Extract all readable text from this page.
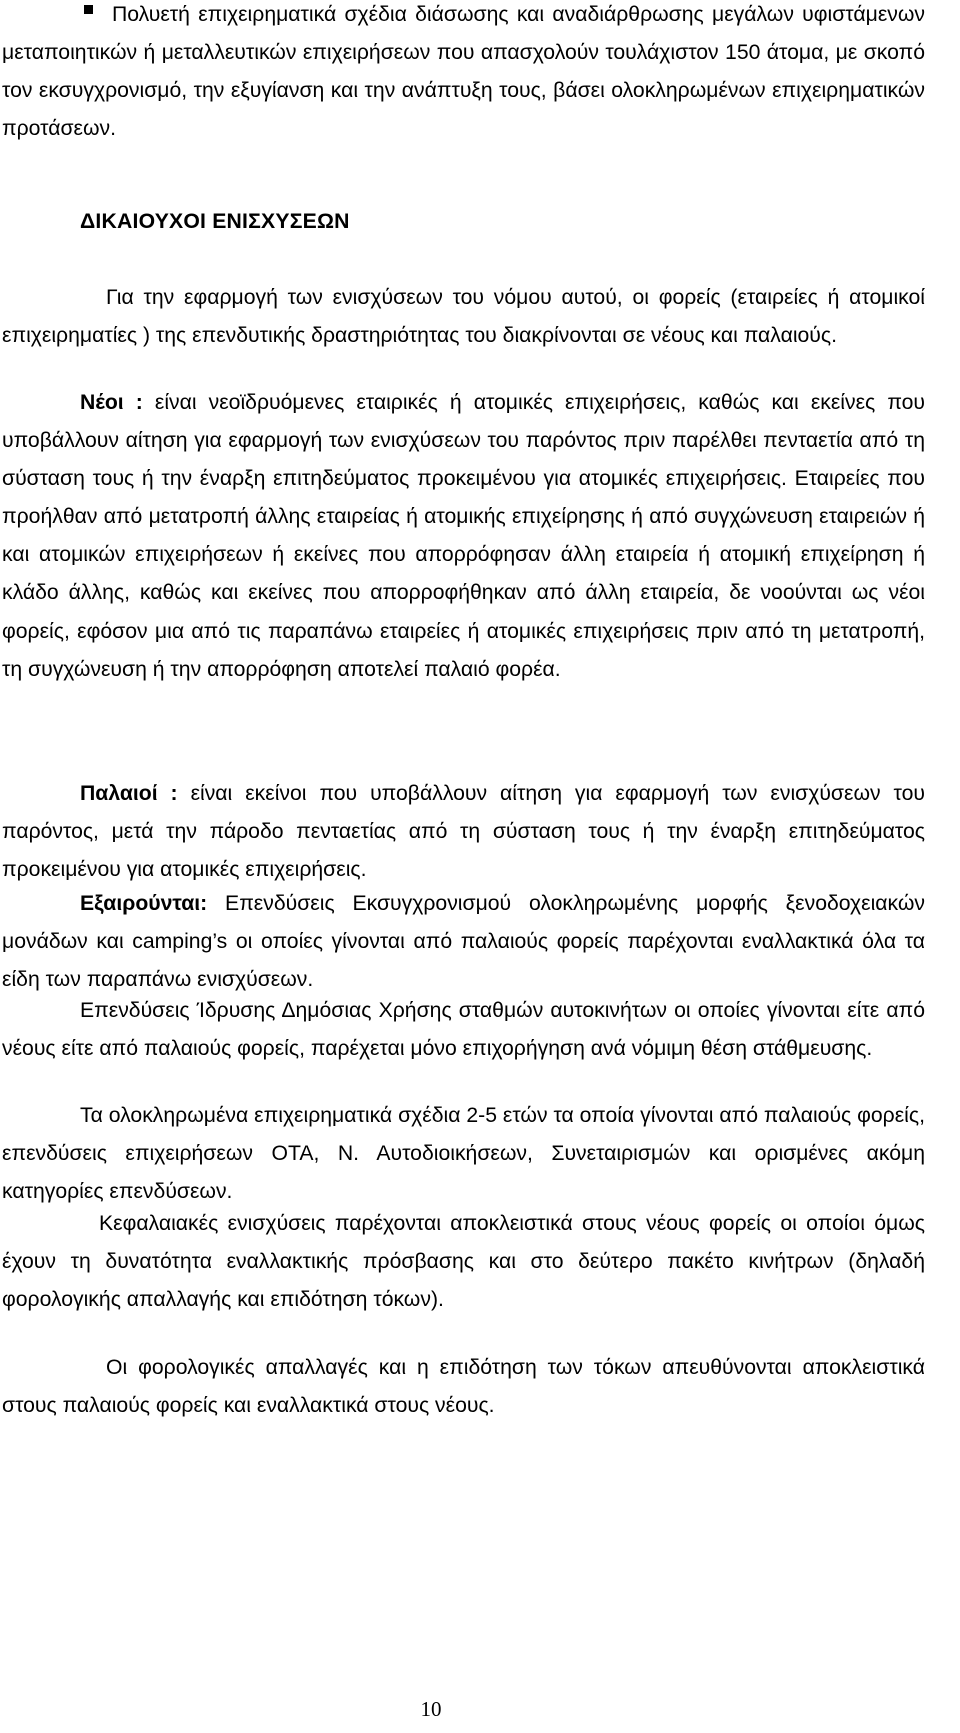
Πολυετή επιχειρηματικά σχέδια διάσωσης και αναδιάρθρωσης μεγάλων υφιστάμενων μεταποιητικών ή μεταλλευτικών επιχειρήσεων που απασχολούν τουλάχιστον 150 άτομα, με σκοπό τον εκσυγχρονισμό, την εξυγίανση και την ανάπτυξη τους, βάσει ολοκληρωμένων επιχειρηματικών προτάσεων.

ΔΙΚΑΙΟΥΧΟΙ ΕΝΙΣΧΥΣΕΩΝ

Για την εφαρμογή των ενισχύσεων του νόμου αυτού, οι φορείς (εταιρείες ή ατομικοί επιχειρηματίες ) της επενδυτικής δραστηριότητας του διακρίνονται σε νέους και παλαιούς.

Νέοι : είναι νεοϊδρυόμενες εταιρικές ή ατομικές επιχειρήσεις, καθώς και εκείνες που υποβάλλουν αίτηση για εφαρμογή των ενισχύσεων του παρόντος πριν παρέλθει πενταετία από τη σύσταση τους ή την έναρξη επιτηδεύματος προκειμένου για ατομικές επιχειρήσεις. Εταιρείες που προήλθαν από μετατροπή άλλης εταιρείας ή ατομικής επιχείρησης ή από συγχώνευση εταιρειών ή και ατομικών επιχειρήσεων ή εκείνες που απορρόφησαν άλλη εταιρεία ή ατομική επιχείρηση ή κλάδο άλλης, καθώς και εκείνες που απορροφήθηκαν από άλλη εταιρεία, δε νοούνται ως νέοι φορείς, εφόσον μια από τις παραπάνω εταιρείες ή ατομικές επιχειρήσεις πριν από τη μετατροπή, τη συγχώνευση ή την απορρόφηση αποτελεί παλαιό φορέα.

Παλαιοί : είναι εκείνοι που υποβάλλουν αίτηση για εφαρμογή των ενισχύσεων του παρόντος, μετά την πάροδο πενταετίας από τη σύσταση τους ή την έναρξη επιτηδεύματος προκειμένου για ατομικές επιχειρήσεις.

Εξαιρούνται: Επενδύσεις Εκσυγχρονισμού ολοκληρωμένης μορφής ξενοδοχειακών μονάδων και camping’s οι οποίες γίνονται από παλαιούς φορείς παρέχονται εναλλακτικά όλα τα είδη των παραπάνω ενισχύσεων.

Επενδύσεις Ίδρυσης Δημόσιας Χρήσης σταθμών αυτοκινήτων οι οποίες γίνονται είτε από νέους είτε από παλαιούς φορείς, παρέχεται μόνο επιχορήγηση ανά νόμιμη θέση στάθμευσης.

Τα ολοκληρωμένα επιχειρηματικά σχέδια 2-5 ετών τα οποία γίνονται από παλαιούς φορείς, επενδύσεις επιχειρήσεων ΟΤΑ, Ν. Αυτοδιοικήσεων, Συνεταιρισμών και ορισμένες ακόμη κατηγορίες επενδύσεων.

Κεφαλαιακές ενισχύσεις παρέχονται αποκλειστικά στους νέους φορείς οι οποίοι όμως έχουν τη δυνατότητα εναλλακτικής πρόσβασης και στο δεύτερο πακέτο κινήτρων (δηλαδή φορολογικής απαλλαγής και επιδότηση τόκων).

Οι φορολογικές απαλλαγές και η επιδότηση των τόκων απευθύνονται αποκλειστικά στους παλαιούς φορείς και εναλλακτικά στους νέους.

10
